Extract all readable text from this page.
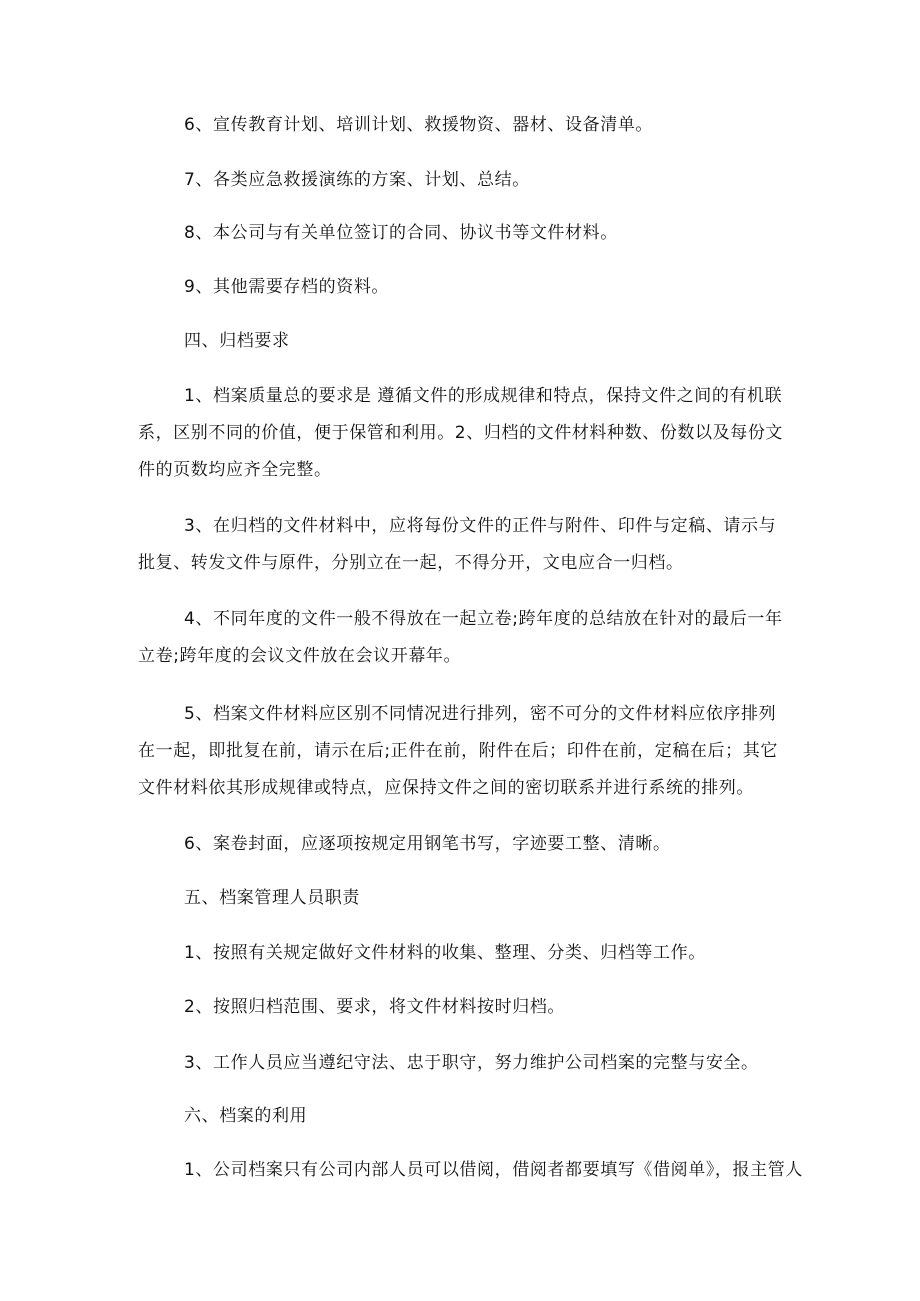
6、宣传教育计划、培训计划、救援物资、器材、设备清单。

7、各类应急救援演练的方案、计划、总结。

8、本公司与有关单位签订的合同、协议书等文件材料。

9、其他需要存档的资料。

四、归档要求

1、档案质量总的要求是 遵循文件的形成规律和特点，保持文件之间的有机联系，区别不同的价值，便于保管和利用。2、归档的文件材料种数、份数以及每份文件的页数均应齐全完整。

3、在归档的文件材料中，应将每份文件的正件与附件、印件与定稿、请示与批复、转发文件与原件，分别立在一起，不得分开，文电应合一归档。

4、不同年度的文件一般不得放在一起立卷;跨年度的总结放在针对的最后一年立卷;跨年度的会议文件放在会议开幕年。

5、档案文件材料应区别不同情况进行排列，密不可分的文件材料应依序排列在一起，即批复在前，请示在后;正件在前，附件在后；印件在前，定稿在后；其它文件材料依其形成规律或特点，应保持文件之间的密切联系并进行系统的排列。

6、案卷封面，应逐项按规定用钢笔书写，字迹要工整、清晰。

五、档案管理人员职责

1、按照有关规定做好文件材料的收集、整理、分类、归档等工作。

2、按照归档范围、要求，将文件材料按时归档。

3、工作人员应当遵纪守法、忠于职守，努力维护公司档案的完整与安全。

六、档案的利用

1、公司档案只有公司内部人员可以借阅，借阅者都要填写《借阅单》，报主管人
